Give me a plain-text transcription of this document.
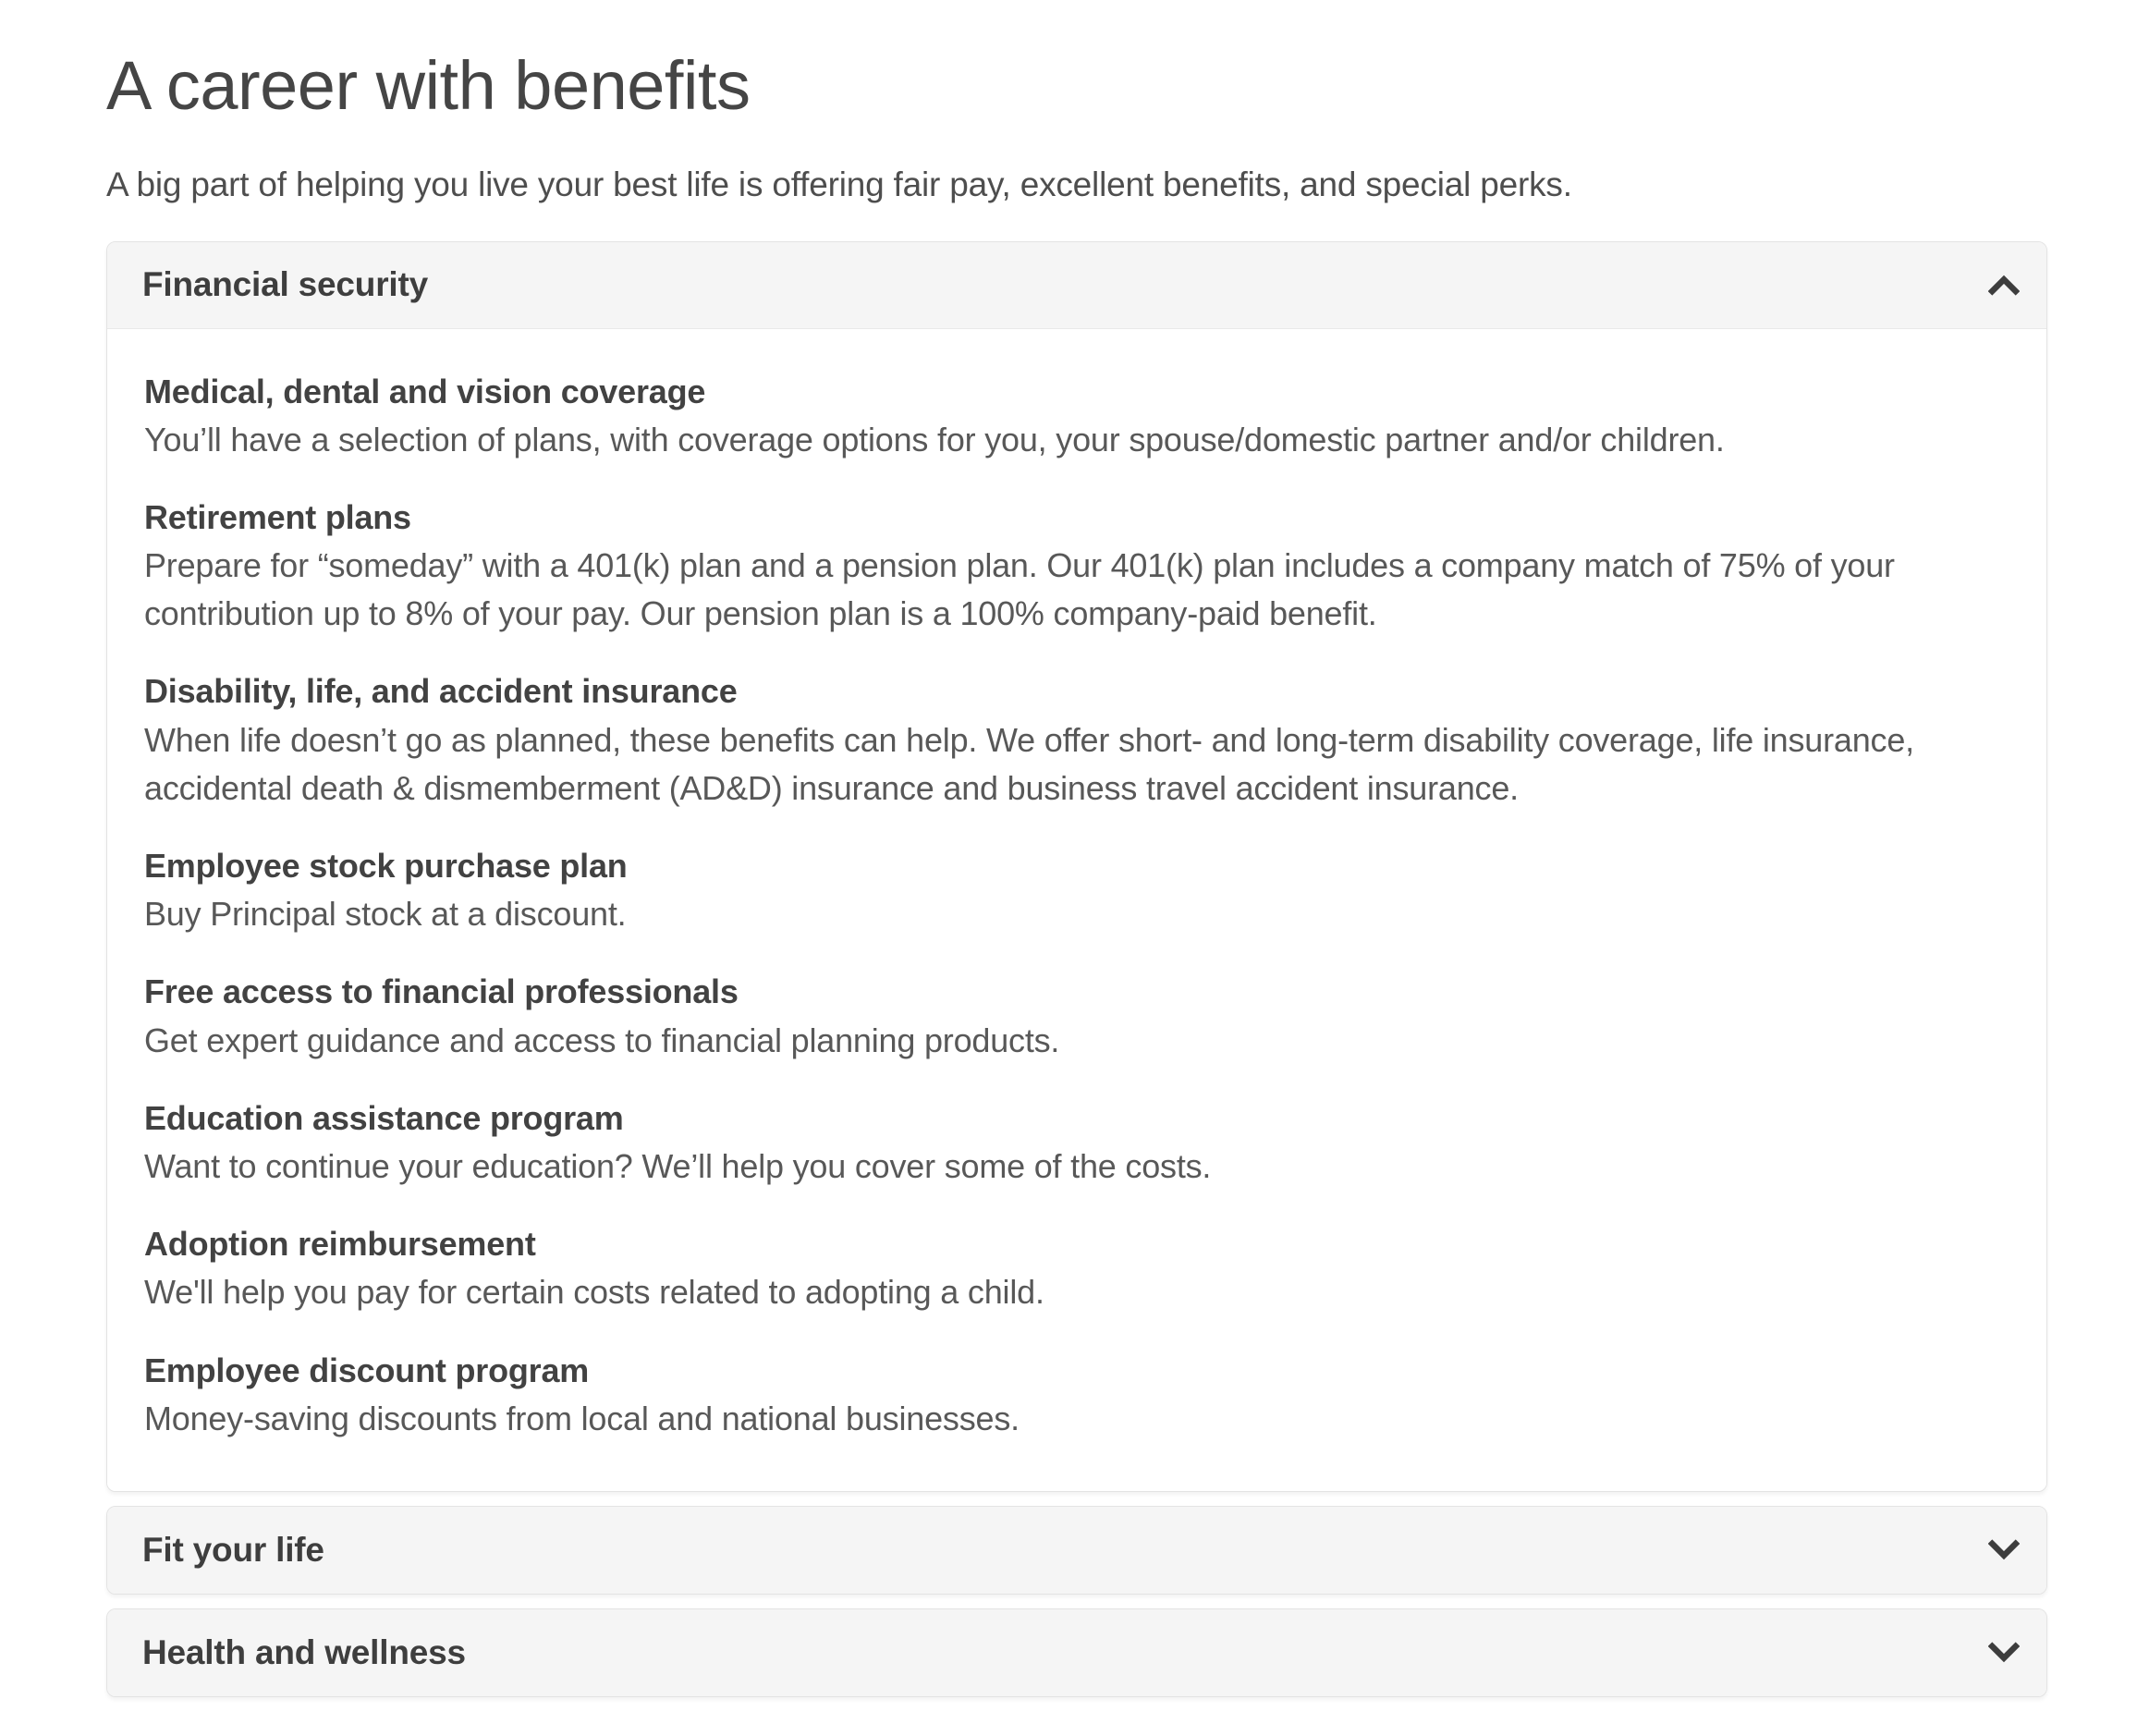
A career with benefits

A big part of helping you live your best life is offering fair pay, excellent benefits, and special perks.

Financial security
Medical, dental and vision coverage

You’ll have a selection of plans, with coverage options for you, your spouse/domestic partner and/or children.

Retirement plans

Prepare for “someday” with a 401(k) plan and a pension plan. Our 401(k) plan includes a company match of 75% of your contribution up to 8% of your pay. Our pension plan is a 100% company-paid benefit.

Disability, life, and accident insurance

When life doesn’t go as planned, these benefits can help. We offer short- and long-term disability coverage, life insurance, accidental death & dismemberment (AD&D) insurance and business travel accident insurance.

Employee stock purchase plan

Buy Principal stock at a discount.

Free access to financial professionals

Get expert guidance and access to financial planning products.

Education assistance program

Want to continue your education? We’ll help you cover some of the costs.

Adoption reimbursement

We'll help you pay for certain costs related to adopting a child.

Employee discount program

Money-saving discounts from local and national businesses.

Fit your life
Health and wellness
